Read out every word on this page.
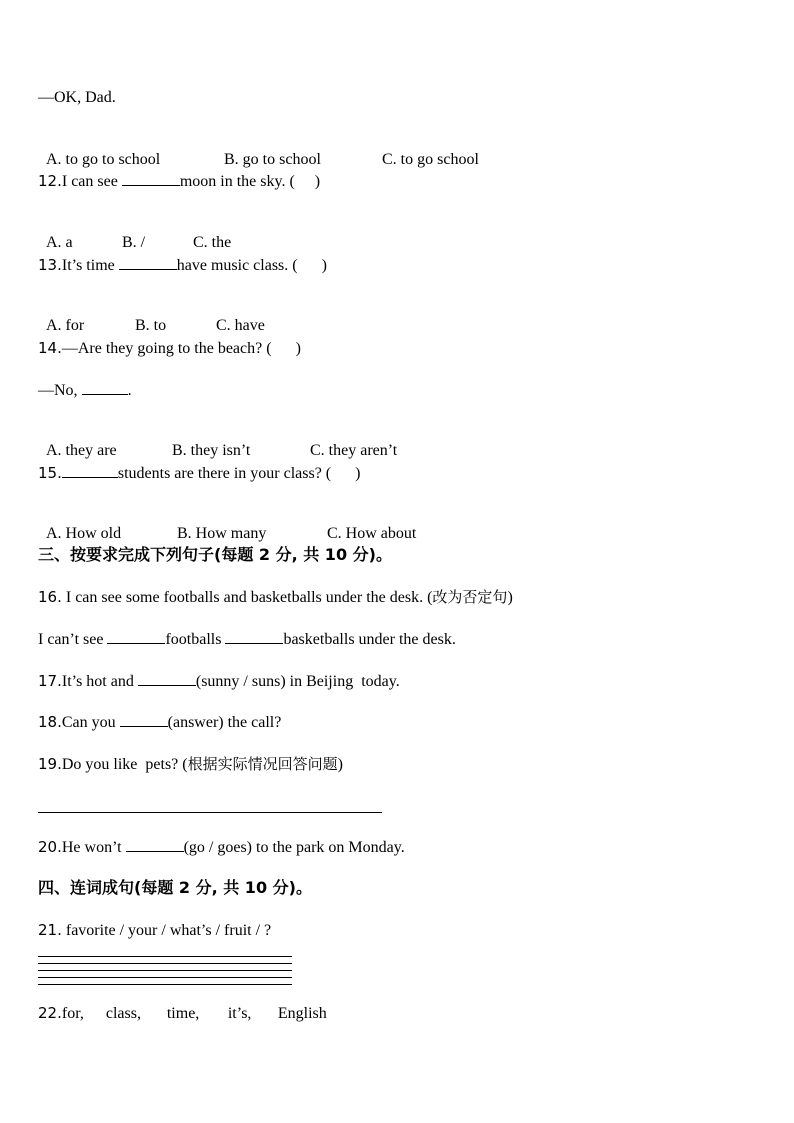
—OK, Dad.

A. to go to school	B. go to school	C. to go school

12.I can see	moon in the sky. (     )

A. a	B. /	C. the

13.It’s time	have music class. (      )

A. for	B. to	C. have

14.—Are they going to the beach? (      )
—No,	.

A. they are	B. they isn’t	C. they aren’t

15.	students are there in your class? (      )

A. How old	B. How many	C. How about

三、按要求完成下列句子(每题 2 分, 共 10 分)。
16. I can see some footballs and basketballs under the desk. (改为否定句)
I can’t see	footballs	basketballs under the desk.
17.It’s hot and	(sunny / suns) in Beijing  today.
18.Can you	(answer) the call?
19.Do you like  pets? (根据实际情况回答问题)
20.He won’t	(go / goes) to the park on Monday.
四、连词成句(每题 2 分, 共 10 分)。
21. favorite / your / what’s / fruit / ?
22.for, class, time, it’s, English
